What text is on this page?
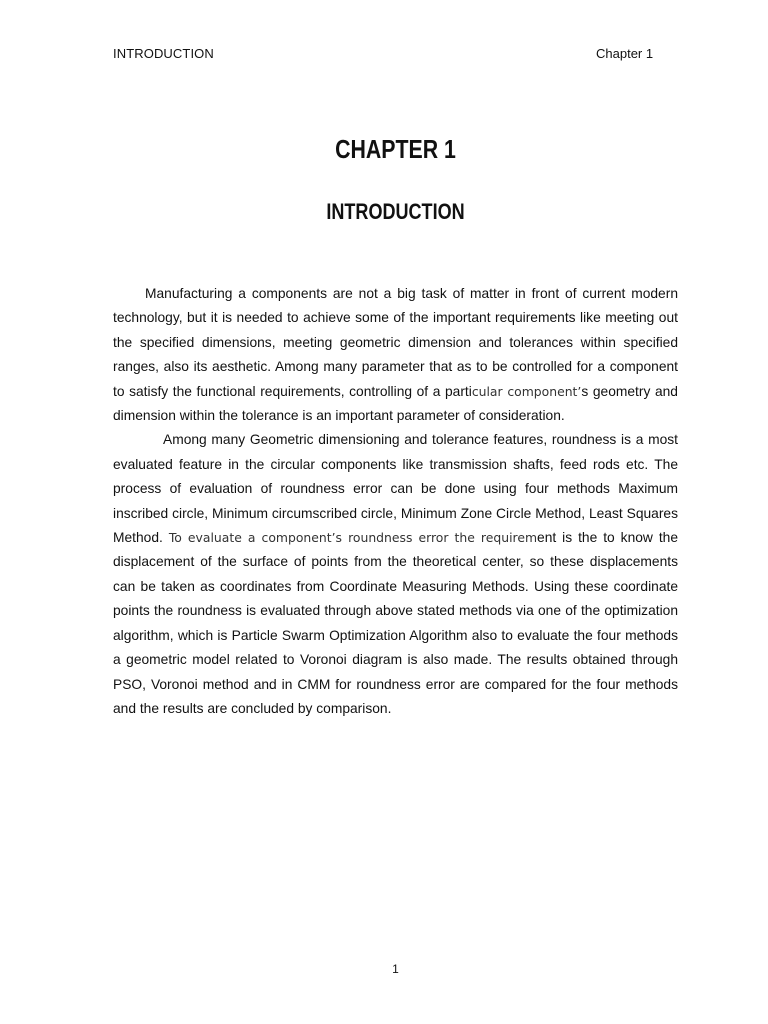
INTRODUCTION	Chapter 1
CHAPTER 1
INTRODUCTION

Manufacturing a components are not a big task of matter in front of current modern technology, but it is needed to achieve some of the important requirements like meeting out the specified dimensions, meeting geometric dimension and tolerances within specified ranges, also its aesthetic. Among many parameter that as to be controlled for a component to satisfy the functional requirements, controlling of a particular component’s geometry and dimension within the tolerance is an important parameter of consideration.

Among many Geometric dimensioning and tolerance features, roundness is a most evaluated feature in the circular components like transmission shafts, feed rods etc. The process of evaluation of roundness error can be done using four methods Maximum inscribed circle, Minimum circumscribed circle, Minimum Zone Circle Method, Least Squares Method. To evaluate a component’s roundness error the requirement is the to know the displacement of the surface of points from the theoretical center, so these displacements can be taken as coordinates from Coordinate Measuring Methods. Using these coordinate points the roundness is evaluated through above stated methods via one of the optimization algorithm, which is Particle Swarm Optimization Algorithm also to evaluate the four methods a geometric model related to Voronoi diagram is also made. The results obtained through PSO, Voronoi method and in CMM for roundness error are compared for the four methods and the results are concluded by comparison.

1
